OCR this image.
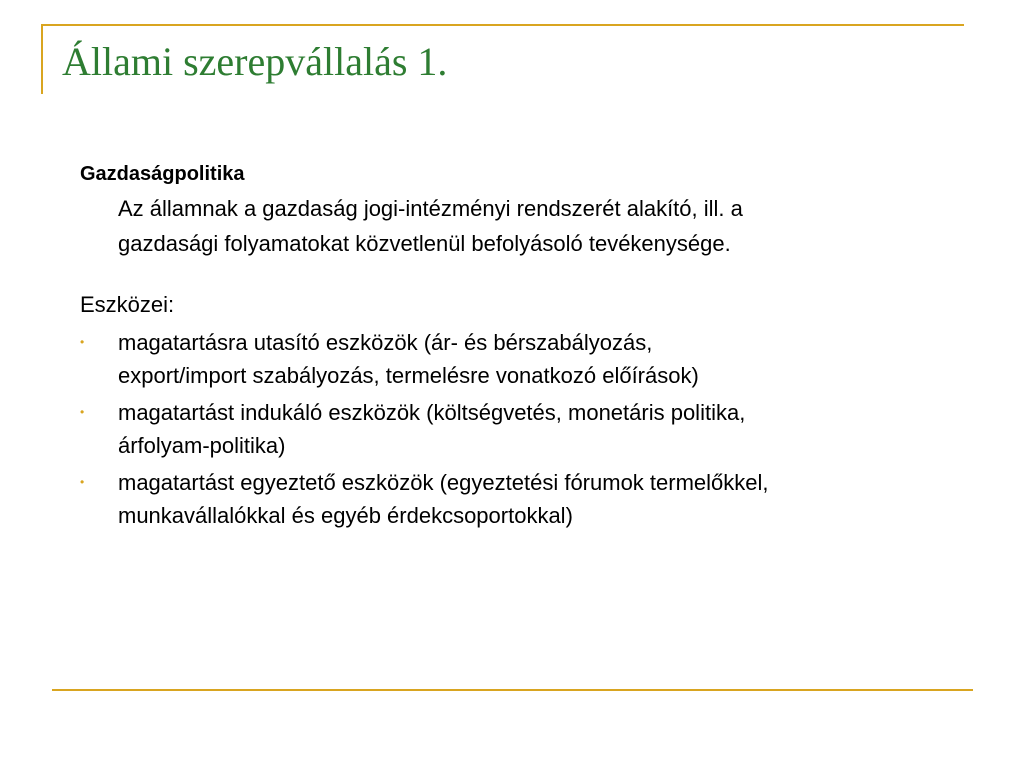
Állami szerepvállalás 1.

Gazdaságpolitika

Az államnak a gazdaság jogi-intézményi rendszerét alakító, ill. a
gazdasági folyamatokat közvetlenül befolyásoló tevékenysége.

Eszközei:

• magatartásra utasító eszközök (ár- és bérszabályozás,
export/import szabályozás, termelésre vonatkozó előírások)
• magatartást indukáló eszközök (költségvetés, monetáris politika,
árfolyam-politika)
• magatartást egyeztető eszközök (egyeztetési fórumok termelőkkel,
munkavállalókkal és egyéb érdekcsoportokkal)
